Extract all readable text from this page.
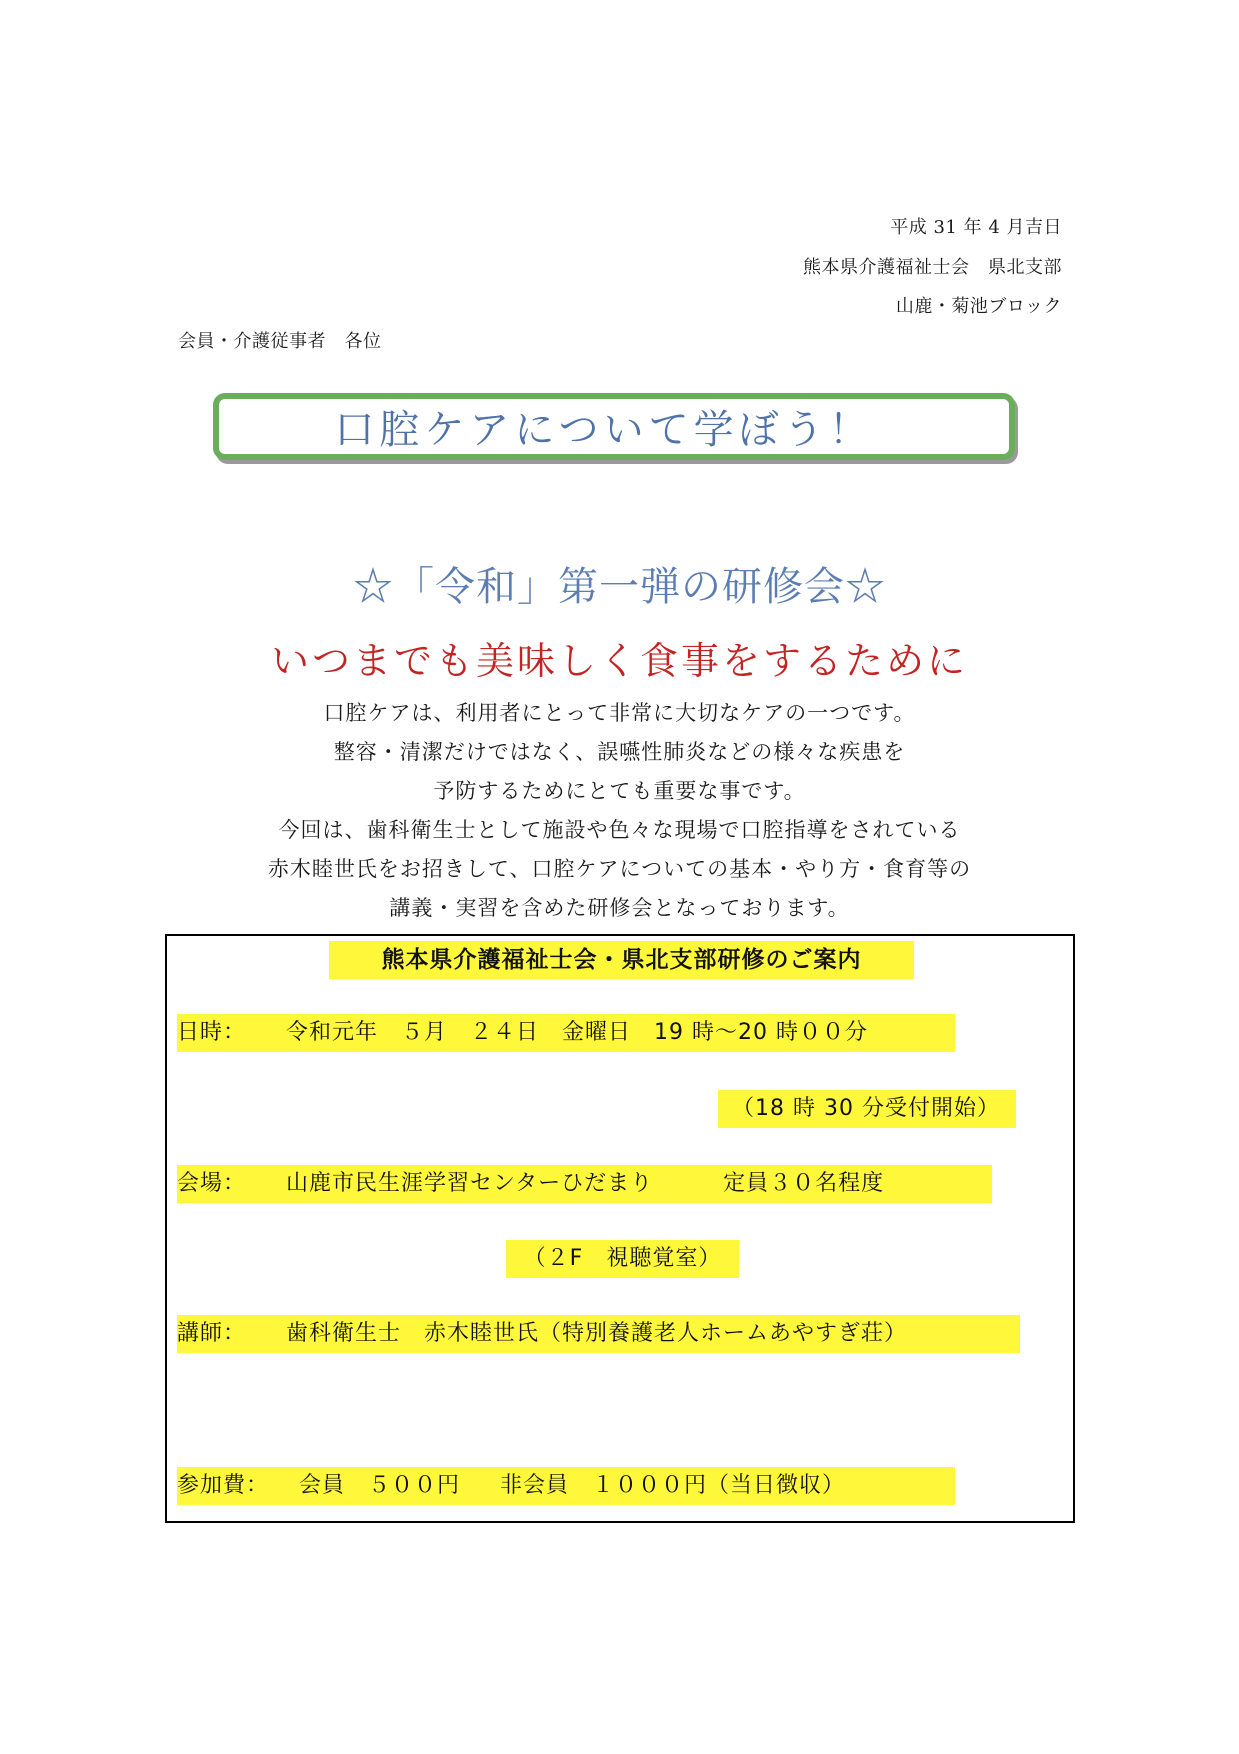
平成 31 年 4 月吉日
熊本県介護福祉士会　県北支部
山鹿・菊池ブロック
会員・介護従事者　各位
口腔ケアについて学ぼう！
☆「令和」第一弾の研修会☆
いつまでも美味しく食事をするために
口腔ケアは、利用者にとって非常に大切なケアの一つです。
整容・清潔だけではなく、誤嚥性肺炎などの様々な疾患を
予防するためにとても重要な事です。
今回は、歯科衛生士として施設や色々な現場で口腔指導をされている
赤木睦世氏をお招きして、口腔ケアについての基本・やり方・食育等の
講義・実習を含めた研修会となっております。
熊本県介護福祉士会・県北支部研修のご案内
日時： 令和元年　５月　２４日　金曜日　19 時～20 時００分
（18 時 30 分受付開始）
会場： 山鹿市民生涯学習センターひだまり	定員３０名程度
（２F　視聴覚室）
講師： 歯科衛生士　赤木睦世氏（特別養護老人ホームあやすぎ荘）
参加費： 会員　５００円 非会員　１０００円（当日徴収）
